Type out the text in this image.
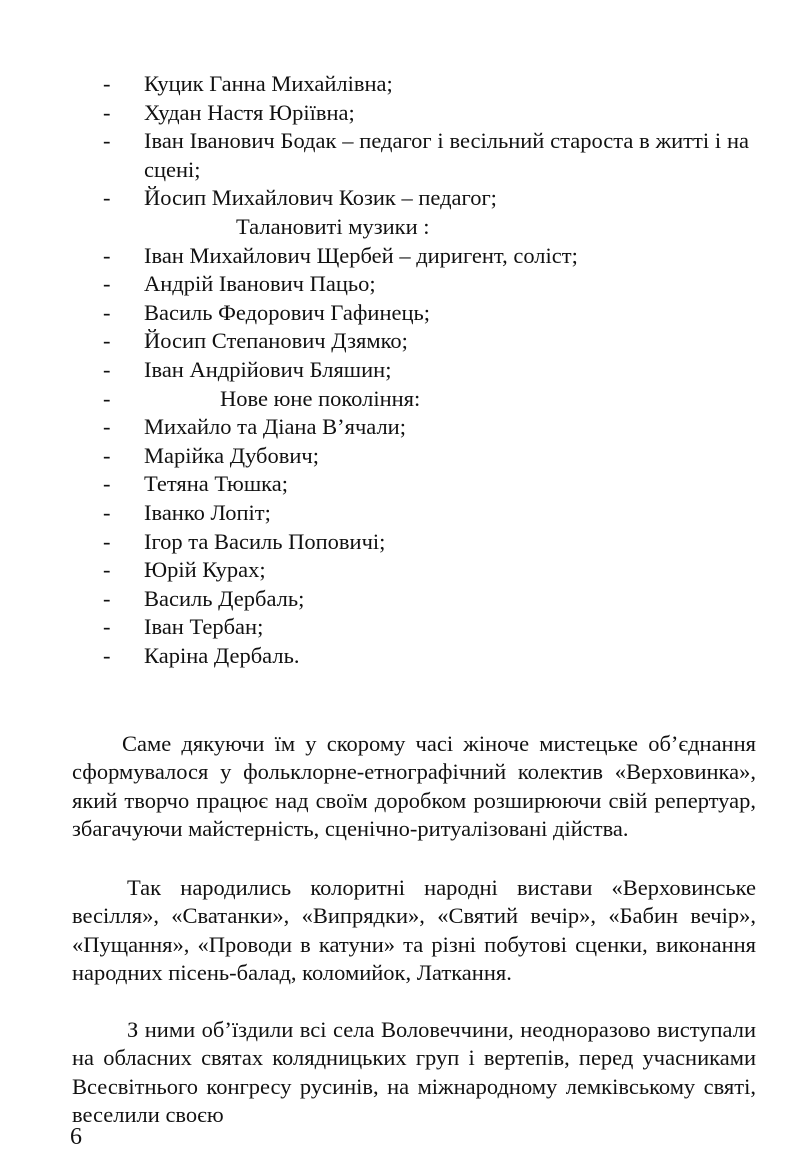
- Куцик Ганна Михайлівна;
- Худан Настя Юріївна;
- Іван Іванович Бодак – педагог і весільний староста в житті і на сцені;
- Йосип Михайлович Козик – педагог;
Талановиті музики :
- Іван Михайлович Щербей – диригент, соліст;
- Андрій Іванович Пацьо;
- Василь Федорович Гафинець;
- Йосип Степанович Дзямко;
- Іван Андрійович Бляшин;
-	Нове юне покоління:
- Михайло та Діана В’ячали;
- Марійка Дубович;
- Тетяна Тюшка;
- Іванко Лопіт;
- Ігор та Василь Поповичі;
- Юрій Курах;
- Василь Дербаль;
- Іван Тербан;
- Каріна Дербаль.

Саме дякуючи їм у скорому часі жіноче мистецьке об’єднання сформувалося у фольклорне-етнографічний колектив «Верховинка», який творчо працює над своїм доробком розширюючи свій репертуар, збагачуючи майстерність, сценічно-ритуалізовані дійства.

Так народились колоритні народні вистави «Верховинське весілля», «Сватанки», «Випрядки», «Святий вечір», «Бабин вечір», «Пущання», «Проводи в катуни» та різні побутові сценки, виконання народних пісень-балад, коломийок, Латкання.

З ними об’їздили всі села Воловеччини, неодноразово виступали на обласних святах колядницьких груп і вертепів, перед учасниками Всесвітнього конгресу русинів, на міжнародному лемківському святі, веселили своєю

6
